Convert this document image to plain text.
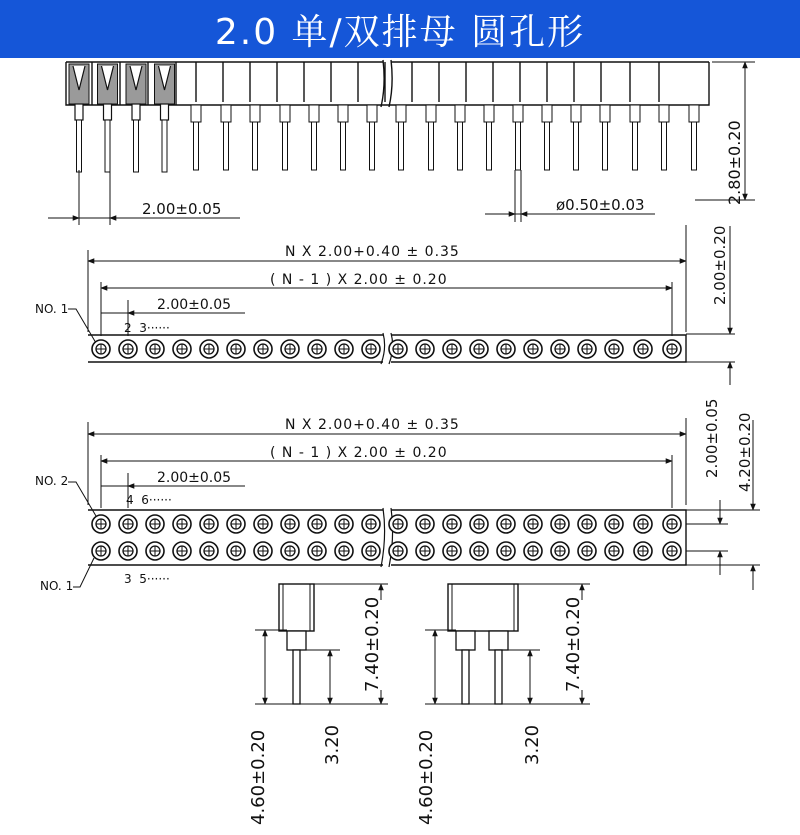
2.0 单/双排母 圆孔形
2.80±0.20
2.00±0.05	ø0.50±0.03
N X 2.00+0.40 ± 0.35
( N - 1 ) X 2.00 ± 0.20
2.00±0.05
NO. 1
2  3······
2.00±0.20
N X 2.00+0.40 ± 0.35
( N - 1 ) X 2.00 ± 0.20
2.00±0.05
NO. 2
4  6······
NO. 1	3  5······
2.00±0.05 4.20±0.20
7.40±0.20
3.20
4.60±0.20
7.40±0.20
3.20
4.60±0.20
